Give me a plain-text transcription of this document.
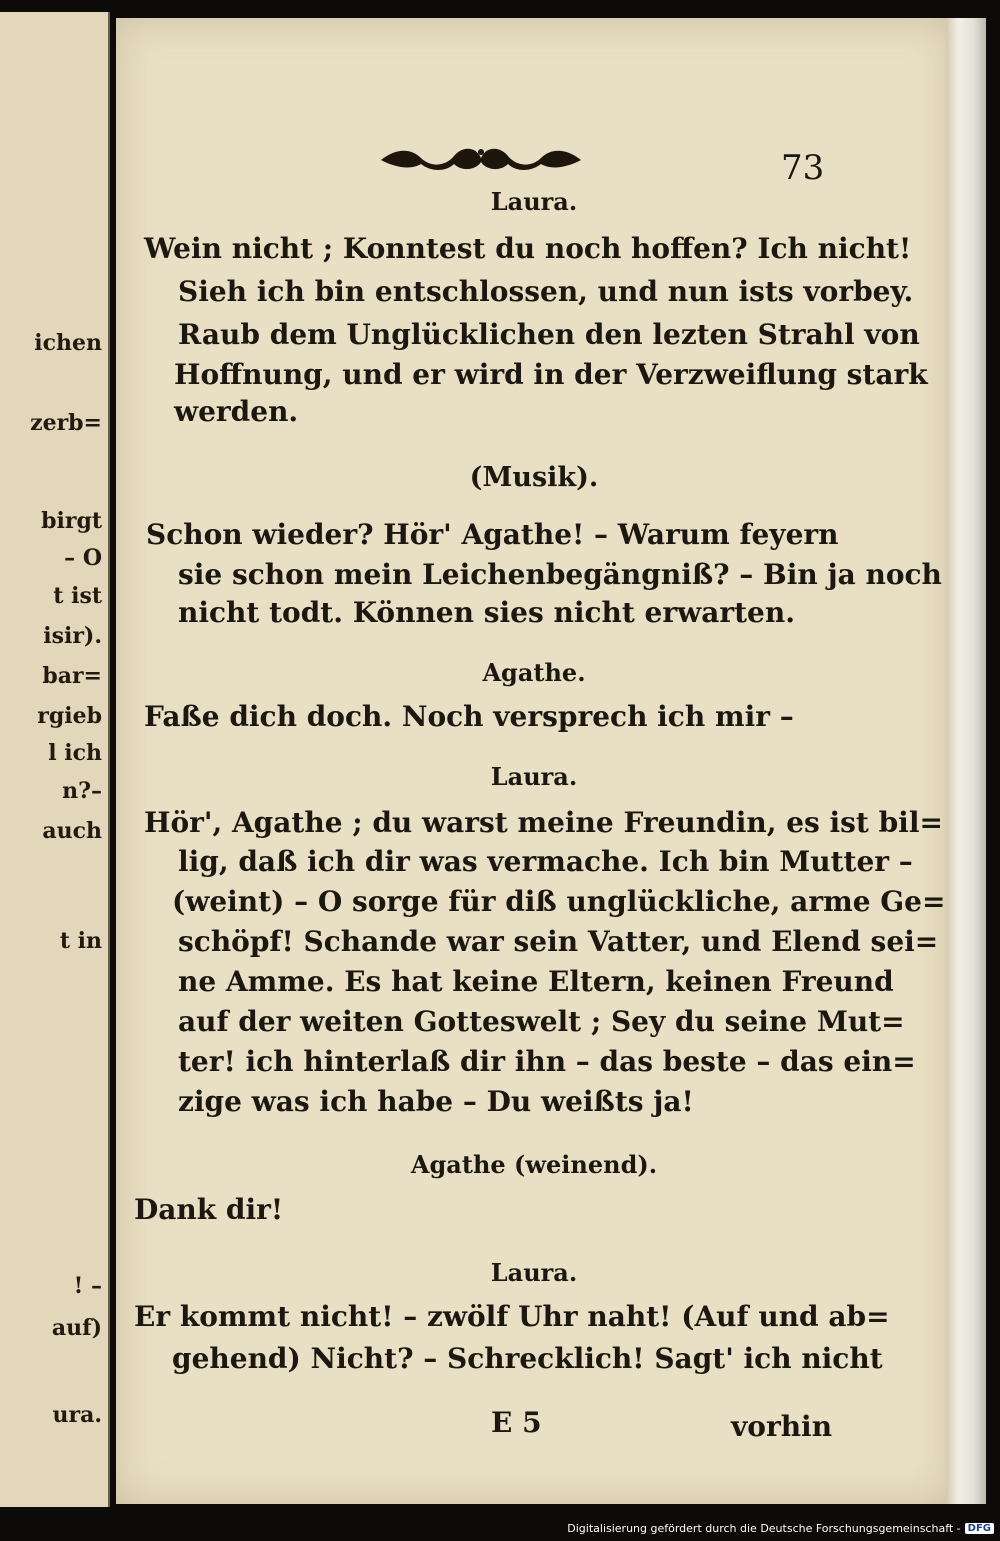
ichen
zerb=
birgt
– O
t ist
isir).
bar=
rgieb
l ich
n?–
auch
t in
! –
auf)
ura.
73
Laura.
Wein nicht ; Konntest du noch hoffen? Ich nicht!
Sieh ich bin entschlossen, und nun ists vorbey.
Raub dem Unglücklichen den lezten Strahl von
Hoffnung, und er wird in der Verzweiflung stark
werden.
(Musik).
Schon wieder? Hör' Agathe! – Warum feyern
sie schon mein Leichenbegängniß? – Bin ja noch
nicht todt. Können sies nicht erwarten.
Agathe.
Faße dich doch. Noch versprech ich mir –
Laura.
Hör', Agathe ; du warst meine Freundin, es ist bil=
lig, daß ich dir was vermache. Ich bin Mutter –
(weint) – O sorge für diß unglückliche, arme Ge=
schöpf! Schande war sein Vatter, und Elend sei=
ne Amme. Es hat keine Eltern, keinen Freund
auf der weiten Gotteswelt ; Sey du seine Mut=
ter! ich hinterlaß dir ihn – das beste – das ein=
zige was ich habe – Du weißts ja!
Agathe (weinend).
Dank dir!
Laura.
Er kommt nicht! – zwölf Uhr naht! (Auf und ab=
gehend) Nicht? – Schrecklich! Sagt' ich nicht
E 5	vorhin
Digitalisierung gefördert durch die Deutsche Forschungsgemeinschaft - DFG
